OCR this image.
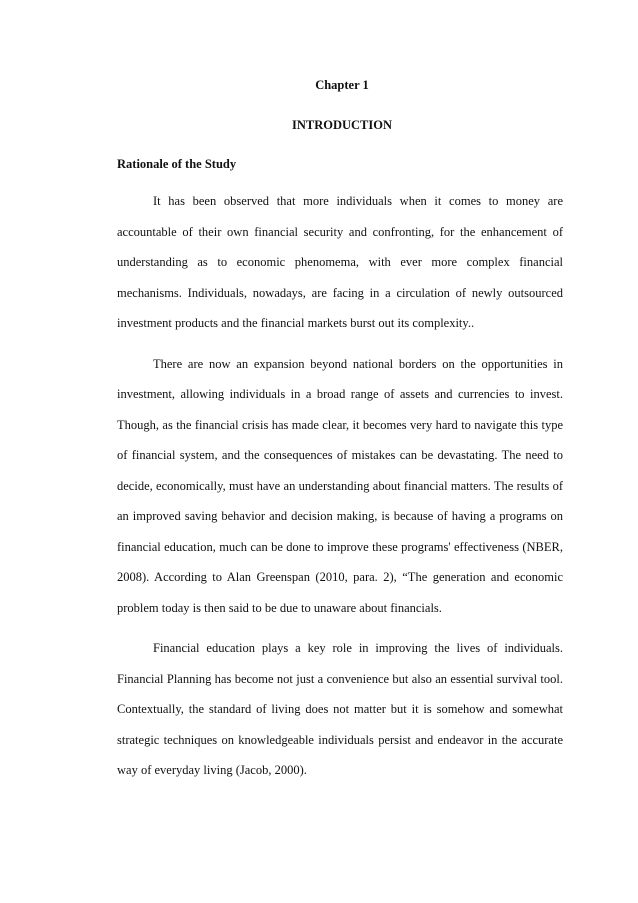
Chapter 1
INTRODUCTION
Rationale of the Study

It has been observed that more individuals when it comes to money are accountable of their own financial security and confronting, for the enhancement of understanding as to economic phenomema, with ever more complex financial mechanisms. Individuals, nowadays, are facing in a circulation of newly outsourced investment products and the financial markets burst out its complexity..

There are now an expansion beyond national borders on the opportunities in investment, allowing individuals in a broad range of assets and currencies to invest. Though, as the financial crisis has made clear, it becomes very hard to navigate this type of financial system, and the consequences of mistakes can be devastating. The need to decide, economically, must have an understanding about financial matters. The results of an improved saving behavior and decision making, is because of having a programs on financial education, much can be done to improve these programs' effectiveness (NBER, 2008). According to Alan Greenspan (2010, para. 2), “The generation and economic problem today is then said to be due to unaware about financials.

Financial education plays a key role in improving the lives of individuals. Financial Planning has become not just a convenience but also an essential survival tool. Contextually, the standard of living does not matter but it is somehow and somewhat strategic techniques on knowledgeable individuals persist and endeavor in the accurate way of everyday living (Jacob, 2000).
